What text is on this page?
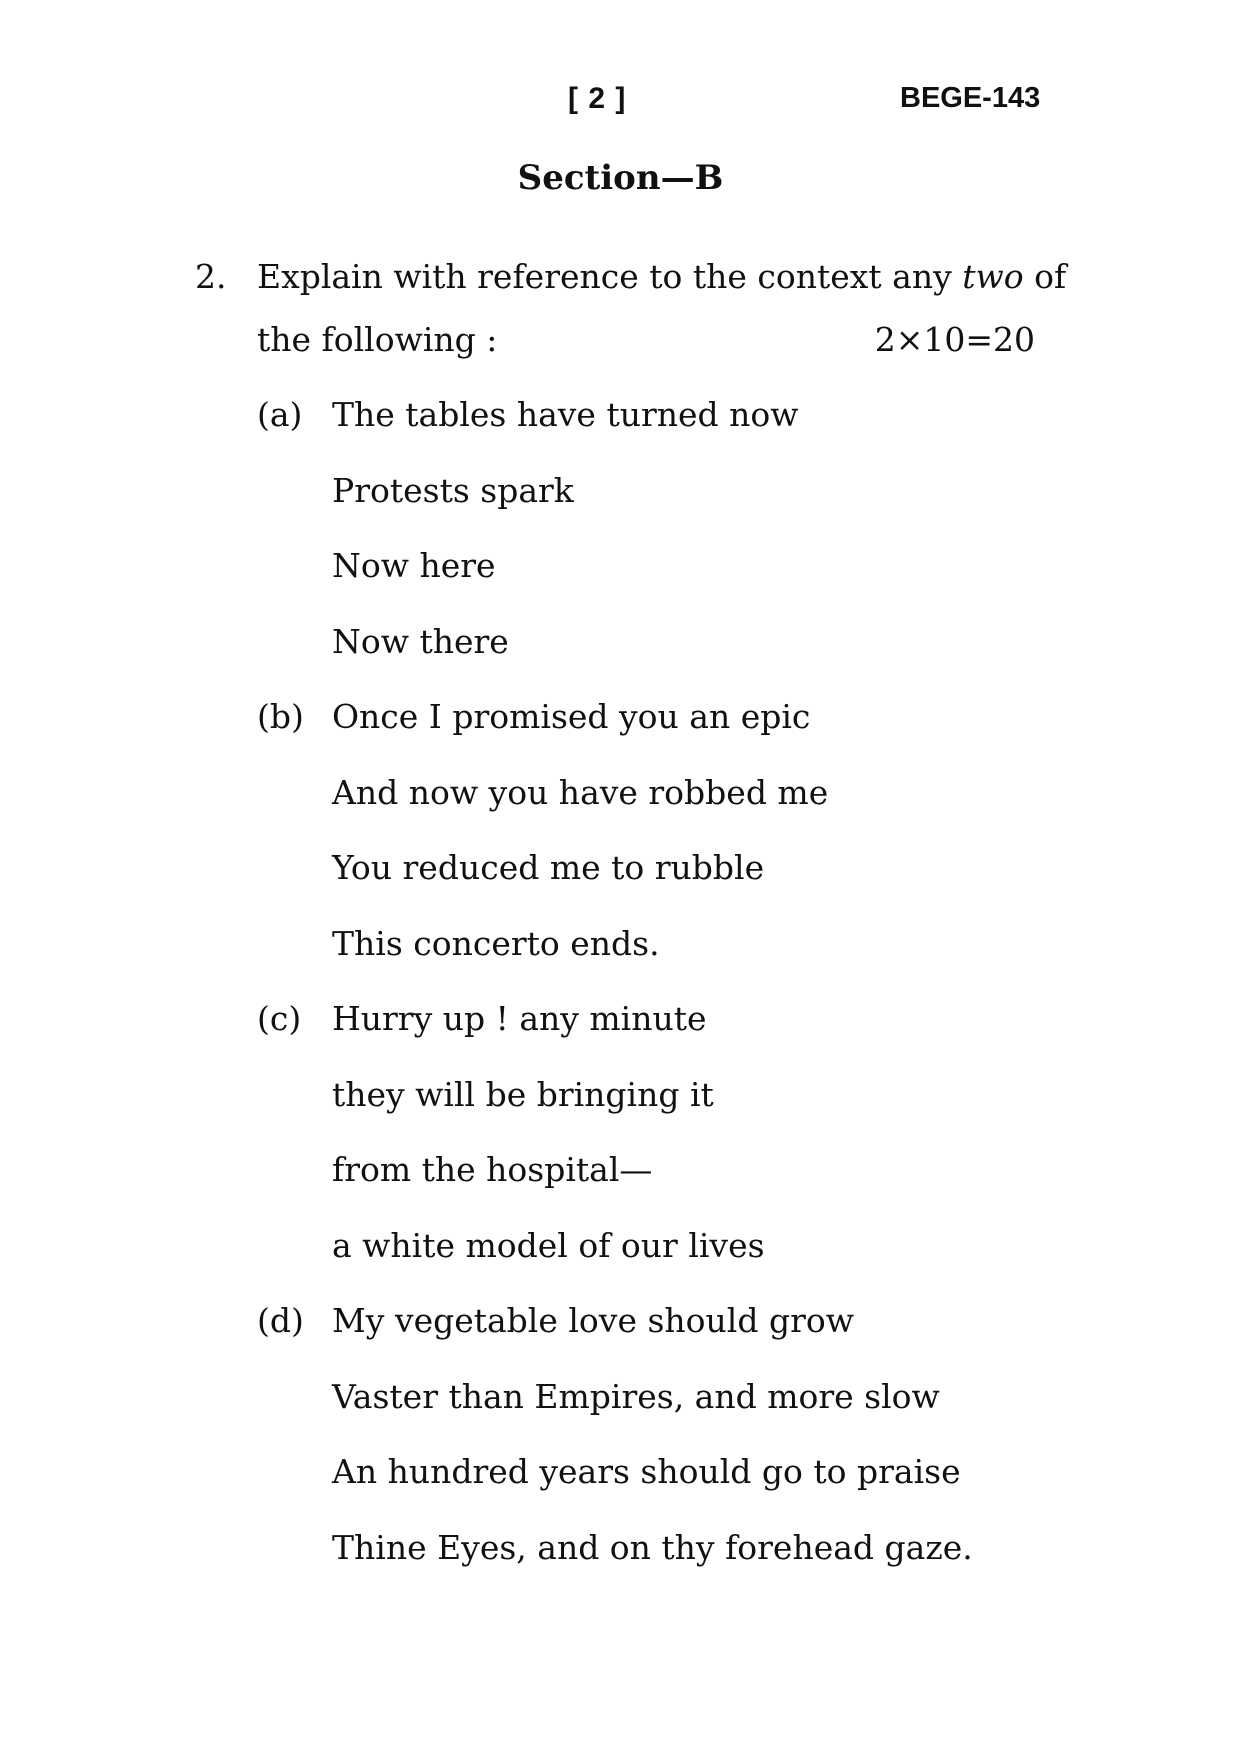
[ 2 ]	BEGE-143
Section—B
2. Explain with reference to the context any two of
the following :	2×10=20
(a) The tables have turned now
Protests spark
Now here
Now there
(b) Once I promised you an epic
And now you have robbed me
You reduced me to rubble
This concerto ends.
(c) Hurry up ! any minute
they will be bringing it
from the hospital—
a white model of our lives
(d) My vegetable love should grow
Vaster than Empires, and more slow
An hundred years should go to praise
Thine Eyes, and on thy forehead gaze.
